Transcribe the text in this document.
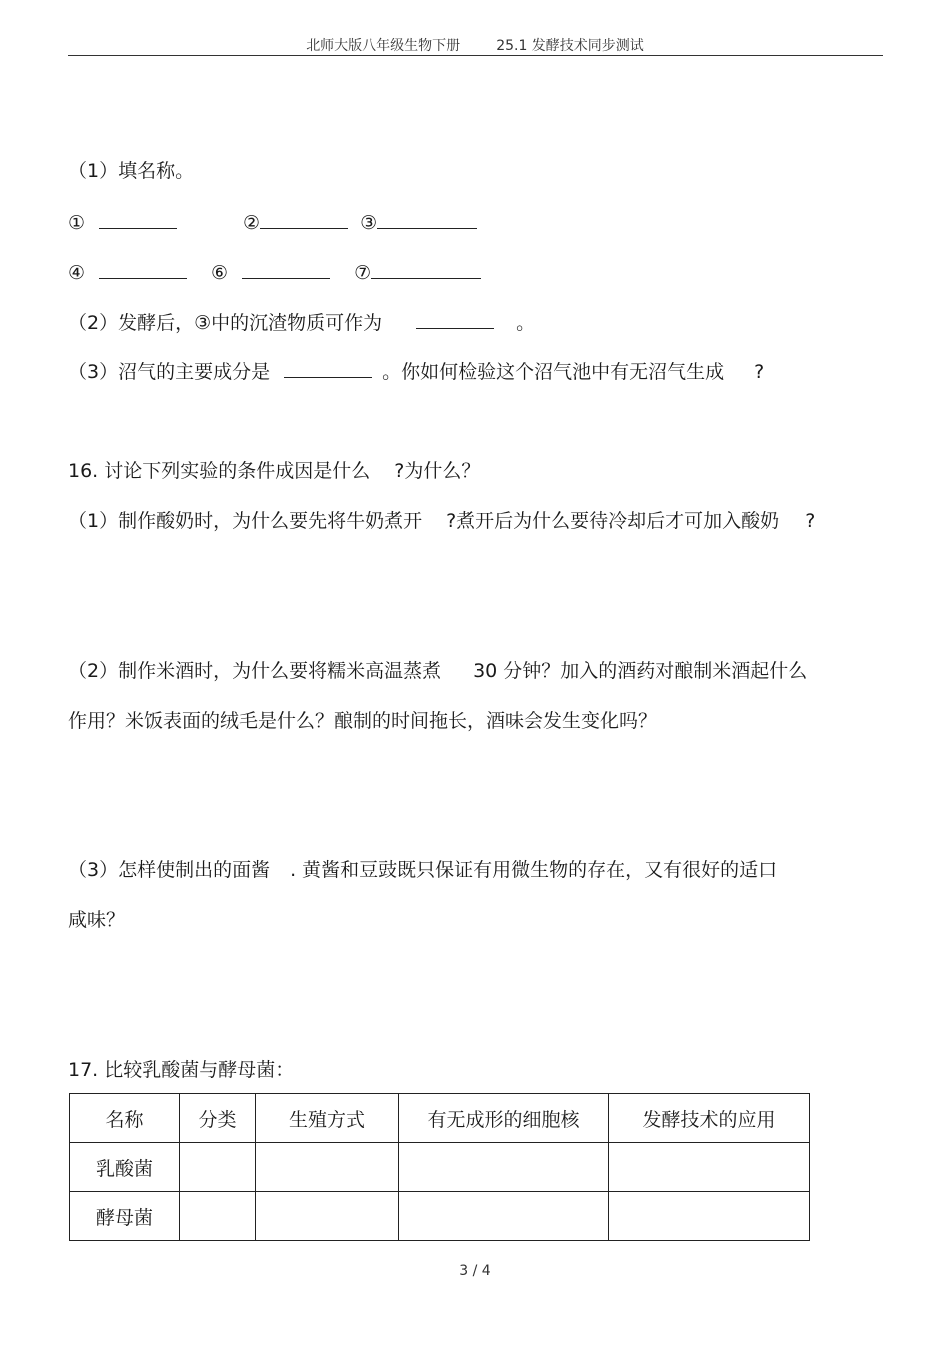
北师大版八年级生物下册	25.1 发酵技术同步测试
（1）填名称。
①	②	③
④	⑥	⑦
（2）发酵后，③中的沉渣物质可作为	。
（3）沼气的主要成分是	。你如何检验这个沼气池中有无沼气生成 ?
16. 讨论下列实验的条件成因是什么 ?为什么？
（1）制作酸奶时，为什么要先将牛奶煮开 ?煮开后为什么要待冷却后才可加入酸奶 ?
（2）制作米酒时，为什么要将糯米高温蒸煮 30 分钟？加入的酒药对酿制米酒起什么
作用？米饭表面的绒毛是什么？酿制的时间拖长，酒味会发生变化吗？
（3）怎样使制出的面酱 . 黄酱和豆豉既只保证有用微生物的存在，又有很好的适口
咸味？
17. 比较乳酸菌与酵母菌：
名称	分类	生殖方式	有无成形的细胞核	发酵技术的应用
乳酸菌				
酵母菌				
3 / 4
